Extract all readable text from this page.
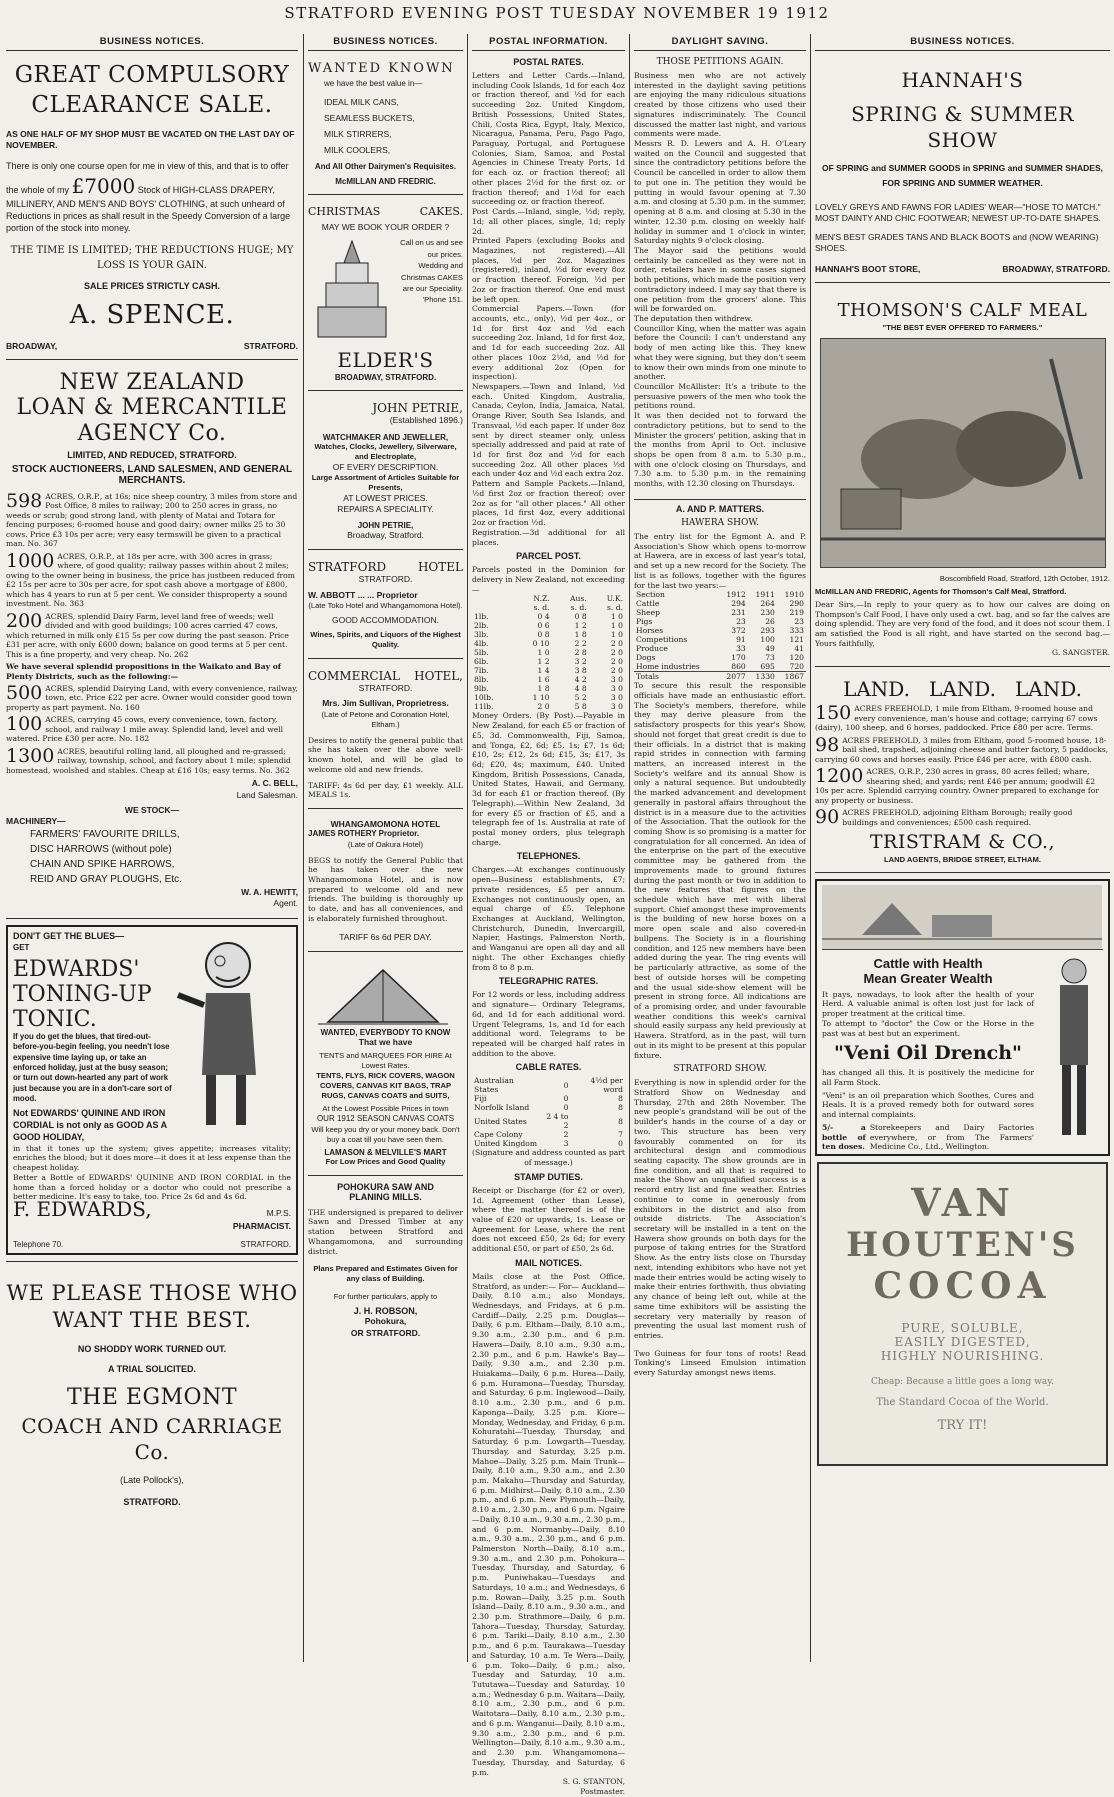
STRATFORD EVENING POST TUESDAY NOVEMBER 19 1912
BUSINESS NOTICES.
GREAT COMPULSORY
CLEARANCE SALE.
AS ONE HALF OF MY SHOP MUST BE VACATED ON THE LAST DAY OF NOVEMBER.
There is only one course open for me in view of this, and that is to offer the whole of my £7000 Stock of HIGH-CLASS DRAPERY, MILLINERY, AND MEN'S AND BOYS' CLOTHING, at such unheard of Reductions in prices as shall result in the Speedy Conversion of a large portion of the stock into money.
THE TIME IS LIMITED; THE REDUCTIONS HUGE; MY LOSS IS YOUR GAIN.
SALE PRICES STRICTLY CASH.
A. SPENCE.
BROADWAY,	STRATFORD.
NEW ZEALAND
LOAN & MERCANTILE
AGENCY Co.
LIMITED, AND REDUCED, STRATFORD.
STOCK AUCTIONEERS, LAND SALESMEN, AND GENERAL MERCHANTS.
598 ACRES, O.R.P., at 16s; nice sheep country, 3 miles from store and Post Office, 8 miles to railway; 200 to 250 acres in grass, no weeds or scrub; good strong land, with plenty of Matai and Totara for fencing purposes; 6-roomed house and good dairy; owner milks 25 to 30 cows. Price £3 10s per acre; very easy termswill be given to a practical man. No. 367
1000 ACRES, O.R.P., at 18s per acre, with 300 acres in grass; where, of good quality; railway passes within about 2 miles; owing to the owner being in business, the price has justbeen reduced from £2 15s per acre to 30s per acre, for spot cash above a mortgage of £800, which has 4 years to run at 5 per cent. We consider thisproperty a sound investment. No. 363
200 ACRES, splendid Dairy Farm, level land free of weeds; well divided and with good buildings; 100 acres carried 47 cows, which returned in milk only £15 5s per cow during the past season. Price £31 per acre, with only £600 down; balance on good terms at 5 per cent. This is a fine property, and very cheap. No. 262
We have several splendid propositions in the Waikato and Bay of Plenty Districts, such as the following:—
500 ACRES, splendid Dairying Land, with every convenience, railway, town, etc. Price £22 per acre. Owner would consider good town property as part payment. No. 160
100 ACRES, carrying 45 cows, every convenience, town, factory, school, and railway 1 mile away. Splendid land, level and well watered. Price £30 per acre. No. 182
1300 ACRES, beautiful rolling land, all ploughed and re-grassed; railway, township, school, and factory about 1 mile; splendid homestead, woolshed and stables. Cheap at £16 10s; easy terms. No. 362
A. C. BELL,
Land Salesman.
WE STOCK—
MACHINERY—
FARMERS' FAVOURITE DRILLS,
DISC HARROWS (without pole)
CHAIN AND SPIKE HARROWS,
REID AND GRAY PLOUGHS, Etc.
W. A. HEWITT,
Agent.
DON'T GET THE BLUES—
GET
EDWARDS'
TONING-UP
TONIC.
If you do get the blues, that tired-out-before-you-begin feeling, you needn't lose expensive time laying up, or take an enforced holiday, just at the busy season; or turn out down-hearted any part of work just because you are in a don't-care sort of mood.
Not EDWARDS' QUININE AND IRON CORDIAL is not only as GOOD AS A GOOD HOLIDAY,
in that it tones up the system; gives appetite; increases vitality; enriches the blood; but it does more—it does it at less expense than the cheapest holiday.
Better a Bottle of EDWARDS' QUININE AND IRON CORDIAL in the home than a forced holiday or a doctor who could not prescribe a better medicine. It's easy to take, too. Price 2s 6d and 4s 6d.
F. EDWARDS,	M.P.S.
PHARMACIST.
Telephone 70.	STRATFORD.
WE PLEASE THOSE WHO
WANT THE BEST.
NO SHODDY WORK TURNED OUT.
A TRIAL SOLICITED.
THE EGMONT
COACH AND CARRIAGE Co.
(Late Pollock's),
STRATFORD.
BUSINESS NOTICES.
WANTED KNOWN
we have the best value in—
IDEAL MILK CANS,
SEAMLESS BUCKETS,
MILK STIRRERS,
MILK COOLERS,
And All Other Dairymen's Requisites.
McMILLAN AND FREDRIC.
CHRISTMAS	CAKES.
MAY WE BOOK YOUR ORDER ?
Call on us and see our prices.
Wedding and
Christmas CAKES
are our Speciality.
'Phone 151.
ELDER'S
BROADWAY, STRATFORD.
JOHN PETRIE,
(Established 1896.)
WATCHMAKER AND JEWELLER,
Watches, Clocks, Jewellery, Silverware, and Electroplate,
OF EVERY DESCRIPTION.
Large Assortment of Articles Suitable for Presents,
AT LOWEST PRICES.
REPAIRS A SPECIALITY.
JOHN PETRIE,
Broadway, Stratford.
STRATFORD	HOTEL
STRATFORD.
W. ABBOTT ... ... Proprietor
(Late Toko Hotel and Whangamomona Hotel).
GOOD ACCOMMODATION.
Wines, Spirits, and Liquors of the Highest Quality.
COMMERCIAL HOTEL,
STRATFORD.
Mrs. Jim Sullivan, Proprietress.
(Late of Petone and Coronation Hotel, Eltham.)
Desires to notify the general public that she has taken over the above well-known hotel, and will be glad to welcome old and new friends.
TARIFF: 4s 6d per day, £1 weekly. ALL MEALS 1s.
WHANGAMOMONA HOTEL
JAMES ROTHERY Proprietor.
(Late of Oakura Hotel)
BEGS to notify the General Public that he has taken over the new Whangamomona Hotel, and is now prepared to welcome old and new friends. The building is thoroughly up to date, and has all conveniences, and is elaborately furnished throughout.
TARIFF 6s 6d PER DAY.
WANTED, EVERYBODY TO KNOW
That we have
TENTS and MARQUEES FOR HIRE At Lowest Rates.
TENTS, FLYS, RICK COVERS, WAGON COVERS, CANVAS KIT BAGS, TRAP RUGS, CANVAS COATS and SUITS,
At the Lowest Possible Prices in town
OUR 1912 SEASON CANVAS COATS
Will keep you dry or your money back. Don't buy a coat till you have seen them.
LAMASON & MELVILLE'S MART
For Low Prices and Good Quality
POHOKURA SAW AND
PLANING MILLS.
THE undersigned is prepared to deliver Sawn and Dressed Timber at any station between Stratford and Whangamomona, and surrounding district.
Plans Prepared and Estimates Given for any class of Building.
For further particulars, apply to
J. H. ROBSON,
Pohokura,
OR STRATFORD.
POSTAL INFORMATION.
POSTAL RATES.
Letters and Letter Cards.—Inland, including Cook Islands, 1d for each 4oz or fraction thereof, and ½d for each succeeding 2oz. United Kingdom, British Possessions, United States, Chili, Costa Rica, Egypt, Italy, Mexico, Nicaragua, Panama, Peru, Pago Pago, Paraguay, Portugal, and Portuguese Colonies, Siam, Samoa, and Postal Agencies in Chinese Treaty Ports, 1d for each oz. or fraction thereof; all other places 2½d for the first oz. or fraction thereof; and 1½d for each succeeding oz. or fraction thereof.
Post Cards.—Inland, single, ½d; reply, 1d; all other places, single, 1d; reply 2d.
Printed Papers (excluding Books and Magazines, not registered).—All places, ½d per 2oz. Magazines (registered), inland, ½d for every 8oz or fraction thereof. Foreign, ½d per 2oz or fraction thereof. One end must be left open.
Commercial Papers.—Town (for accounts, etc., only), ½d per 4oz., or 1d for first 4oz and ½d each succeeding 2oz. Inland, 1d for first 4oz, and 1d for each succeeding 2oz. All other places 10oz 2½d, and ½d for every additional 2oz (Open for inspection).
Newspapers.—Town and Inland, ½d each. United Kingdom, Australia, Canada, Ceylon, India, Jamaica, Natal, Orange River, South Sea Islands, and Transvaal, ½d each paper. If under 8oz sent by direct steamer only, unless specially addressed and paid at rate of 1d for first 8oz and ½d for each succeeding 2oz. All other places ½d each under 4oz and ½d each extra 2oz.
Pattern and Sample Packets.—Inland, ½d first 2oz or fraction thereof; over 2oz as for "all other places." All other places, 1d first 4oz, every additional 2oz or fraction ½d.
Registration.—3d additional for all places.
PARCEL POST.
Parcels posted in the Dominion for delivery in New Zealand, not exceeding—
	N.Z.	Aus.	U.K.
	s. d.	s. d.	s. d.
1lb.	0 4	0 8	1 0
2lb.	0 6	1 2	1 0
3lb.	0 8	1 8	1 0
4lb.	0 10	2 2	2 0
5lb.	1 0	2 8	2 0
6lb.	1 2	3 2	2 0
7lb.	1 4	3 8	2 0
8lb.	1 6	4 2	3 0
9lb.	1 8	4 8	3 0
10lb.	1 10	5 2	3 0
11lb.	2 0	5 8	3 0
Money Orders. (By Post).—Payable in New Zealand, for each £5 or fraction of £5, 3d. Commonwealth, Fiji, Samoa, and Tonga, £2, 6d; £5, 1s; £7, 1s 6d; £10, 2s; £12, 2s 6d; £15, 3s; £17, 3s 6d; £20, 4s; maximum, £40. United Kingdom, British Possessions, Canada, United States, Hawaii, and Germany, 3d for each £1 or fraction thereof. (By Telegraph).—Within New Zealand, 3d for every £5 or fraction of £5, and a telegraph fee of 1s. Australia at rate of postal money orders, plus telegraph charge.
TELEPHONES.
Charges.—At exchanges continuously open—Business establishments, £7; private residences, £5 per annum. Exchanges not continuously open, an equal charge of £5. Telephone Exchanges at Auckland, Wellington, Christchurch, Dunedin, Invercargill, Napier, Hastings, Palmerston North, and Wanganui are open all day and all night. The other Exchanges chiefly from 8 to 8 p.m.
TELEGRAPHIC RATES.
For 12 words or less, including address and signature— Ordinary Telegrams, 6d, and 1d for each additional word. Urgent Telegrams, 1s, and 1d for each additional word. Telegrams to be repeated will be charged half rates in addition to the above.
CABLE RATES.
Australian States	0	4½d per word
Fiji	0	8
Norfolk Island	0	8
United States	2 4 to 2	8
Cape Colony	2	7
United Kingdom	3	0
(Signature and address counted as part of message.)
STAMP DUTIES.
Receipt or Discharge (for £2 or over), 1d. Agreement (other than Lease), where the matter thereof is of the value of £20 or upwards, 1s. Lease or Agreement for Lease, where the rent does not exceed £50, 2s 6d; for every additional £50, or part of £50, 2s 6d.
MAIL NOTICES.
Mails close at the Post Office, Stratford, as under:— For— Auckland—Daily, 8.10 a.m.; also Mondays, Wednesdays, and Fridays, at 6 p.m. Cardiff—Daily, 2.25 p.m. Douglas—Daily, 6 p.m. Eltham—Daily, 8.10 a.m., 9.30 a.m., 2.30 p.m., and 6 p.m. Hawera—Daily, 8.10 a.m., 9.30 a.m., 2.30 p.m., and 6 p.m. Hawke's Bay—Daily, 9.30 a.m., and 2.30 p.m. Huiakama—Daily, 6 p.m. Hurea—Daily, 6 p.m. Huramona—Tuesday, Thursday, and Saturday, 6 p.m. Inglewood—Daily, 8.10 a.m., 2.30 p.m., and 6 p.m. Kaponga—Daily, 3.25 p.m. Kiore—Monday, Wednesday, and Friday, 6 p.m. Kohuratahi—Tuesday, Thursday, and Saturday, 6 p.m. Lowgarth—Tuesday, Thursday, and Saturday, 3.25 p.m. Mahoe—Daily, 3.25 p.m. Main Trunk—Daily, 8.10 a.m., 9.30 a.m., and 2.30 p.m. Makahu—Thursday and Saturday, 6 p.m. Midhirst—Daily, 8.10 a.m., 2.30 p.m., and 6 p.m. New Plymouth—Daily, 8.10 a.m., 2.30 p.m., and 6 p.m. Ngaire—Daily, 8.10 a.m., 9.30 a.m., 2.30 p.m., and 6 p.m. Normanby—Daily, 8.10 a.m., 9.30 a.m., 2.30 p.m., and 6 p.m. Palmerston North—Daily, 8.10 a.m., 9.30 a.m., and 2.30 p.m. Pohokura—Tuesday, Thursday, and Saturday, 6 p.m. Puniwhakau—Tuesdays and Saturdays, 10 a.m.; and Wednesdays, 6 p.m. Rowan—Daily, 3.25 p.m. South Island—Daily, 8.10 a.m., 9.30 a.m., and 2.30 p.m. Strathmore—Daily, 6 p.m. Tahora—Tuesday, Thursday, Saturday, 6 p.m. Tariki—Daily, 8.10 a.m., 2.30 p.m., and 6 p.m. Taurakawa—Tuesday and Saturday, 10 a.m. Te Wera—Daily, 6 p.m. Toko—Daily, 6 p.m.; also, Tuesday and Saturday, 10 a.m. Tututawa—Tuesday and Saturday, 10 a.m.; Wednesday 6 p.m. Waitara—Daily, 8.10 a.m., 2.30 p.m., and 6 p.m. Waitotara—Daily, 8.10 a.m., 2.30 p.m., and 6 p.m. Wanganui—Daily, 8.10 a.m., 9.30 a.m., 2.30 p.m., and 6 p.m. Wellington—Daily, 8.10 a.m., 9.30 a.m., and 2.30 p.m. Whangamomona—Tuesday, Thursday, and Saturday, 6 p.m.
S. G. STANTON,
Postmaster.
DAYLIGHT SAVING.
THOSE PETITIONS AGAIN.
Business men who are not actively interested in the daylight saving petitions are enjoying the many ridiculous situations created by those citizens who used their signatures indiscriminately. The Council discussed the matter last night, and various comments were made.
Messrs R. D. Lewers and A. H. O'Leary waited on the Council and suggested that since the contradictory petitions before the Council be cancelled in order to allow them to put one in. The petition they would be putting in would favour opening at 7.30 a.m. and closing at 5.30 p.m. in the summer, opening at 8 a.m. and closing at 5.30 in the winter, 12.30 p.m. closing on weekly half-holiday in summer and 1 o'clock in winter, Saturday nights 9 o'clock closing.
The Mayor said the petitions would certainly be cancelled as they were not in order, retailers have in some cases signed both petitions, which made the position very contradictory indeed. I may say that there is one petition from the grocers' alone. This will be forwarded on.
The deputation then withdrew.
Councillor King, when the matter was again before the Council: I can't understand any body of men acting like this. They knew what they were signing, but they don't seem to know their own minds from one minute to another.
Councillor McAllister: It's a tribute to the persuasive powers of the men who took the petitions round.
It was then decided not to forward the contradictory petitions, but to send to the Minister the grocers' petition, asking that in the months from April to Oct. inclusive shops be open from 8 a.m. to 5.30 p.m., with one o'clock closing on Thursdays, and 7.30 a.m. to 5.30 p.m. in the remaining months, with 12.30 closing on Thursdays.
A. AND P. MATTERS.
HAWERA SHOW.
The entry list for the Egmont A. and P. Association's Show which opens to-morrow at Hawera, are in excess of last year's total, and set up a new record for the Society. The list is as follows, together with the figures for the last two years:—
Section	1912	1911	1910
Cattle	294	264	290
Sheep	231	230	219
Pigs	23	26	23
Horses	372	293	333
Competitions	91	100	121
Produce	33	49	41
Dogs	170	73	120
Home industries	860	695	720
Totals	2077	1330	1867
To secure this result the responsible officials have made an enthusiastic effort. The Society's members, therefore, while they may derive pleasure from the satisfactory prospects for this year's Show, should not forget that great credit is due to their officials. In a district that is making rapid strides in connection with farming matters, an increased interest in the Society's welfare and its annual Show is only a natural sequence. But undoubtedly the marked advancement and development generally in pastoral affairs throughout the district is in a measure due to the activities of the Association. That the outlook for the coming Show is so promising is a matter for congratulation for all concerned. An idea of the enterprise on the part of the executive committee may be gathered from the improvements made to ground fixtures during the past month or two in addition to the new features that figures on the schedule which have met with liberal support. Chief amongst these improvements is the building of new horse boxes on a more open scale and also covered-in bullpens. The Society is in a flourishing condition, and 125 new members have been added during the year. The ring events will be particularly attractive, as some of the best of outside horses will be competing and the usual side-show element will be present in strong force. All indications are of a promising order, and under favourable weather conditions this week's carnival should easily surpass any held previously at Hawera. Stratford, as in the past, will turn out in its might to be present at this popular fixture.
STRATFORD SHOW.
Everything is now in splendid order for the Stratford Show on Wednesday and Thursday, 27th and 28th November. The new people's grandstand will be out of the builder's hands in the course of a day or two. This structure has been very favourably commented on for its architectural design and commodious seating capacity. The show grounds are in fine condition, and all that is required to make the Show an unqualified success is a record entry list and fine weather. Entries continue to come in generously from exhibitors in the district and also from outside districts. The Association's secretary will be installed in a tent on the Hawera show grounds on both days for the purpose of taking entries for the Stratford Show. As the entry lists close on Thursday next, intending exhibitors who have not yet made their entries would be acting wisely to make their entries forthwith, thus obviating any chance of being left out, while at the same time exhibitors will be assisting the secretary very materially by reason of preventing the usual last moment rush of entries.
Two Guineas for four tons of roots! Read Tonking's Linseed Emulsion intimation every Saturday amongst news items.
BUSINESS NOTICES.
HANNAH'S
SPRING & SUMMER SHOW
OF SPRING and SUMMER GOODS in SPRING and SUMMER SHADES, FOR SPRING AND SUMMER WEATHER.
LOVELY GREYS AND FAWNS FOR LADIES' WEAR—"HOSE TO MATCH." MOST DAINTY AND CHIC FOOTWEAR; NEWEST UP-TO-DATE SHAPES.
MEN'S BEST GRADES TANS AND BLACK BOOTS and (NOW WEARING) SHOES.
HANNAH'S BOOT STORE,	BROADWAY, STRATFORD.
THOMSON'S CALF MEAL
"THE BEST EVER OFFERED TO FARMERS."
Boscombfield Road, Stratford, 12th October, 1912.
McMILLAN AND FREDRIC, Agents for Thomson's Calf Meal, Stratford.
Dear Sirs,—In reply to your query as to how our calves are doing on Thompson's Calf Food, I have only used a cwt. bag, and so far the calves are doing splendid. They are very fond of the food, and it does not scour them. I am satisfied the Food is all right, and have started on the second bag.—Yours faithfully,
G. SANGSTER.
LAND.   LAND.   LAND.
150 ACRES FREEHOLD, 1 mile from Eltham, 9-roomed house and every convenience, man's house and cottage; carrying 67 cows (dairy), 100 sheep, and 6 horses, paddocked. Price £80 per acre. Terms.
98 ACRES FREEHOLD, 3 miles from Eltham, good 5-roomed house, 18-bail shed, trapshed, adjoining cheese and butter factory, 5 paddocks, carrying 60 cows and horses easily. Price £46 per acre, with £800 cash.
1200 ACRES, O.R.P., 230 acres in grass, 80 acres felled; whare, shearing shed, and yards; rent £46 per annum; goodwill £2 10s per acre. Splendid carrying country. Owner prepared to exchange for any property or business.
90 ACRES FREEHOLD, adjoining Eltham Borough; really good buildings and conveniences; £500 cash required.
TRISTRAM & CO.,
LAND AGENTS, BRIDGE STREET, ELTHAM.
Cattle with Health
Mean Greater Wealth
It pays, nowadays, to look after the health of your Herd. A valuable animal is often lost just for lack of proper treatment at the critical time.
To attempt to "doctor" the Cow or the Horse in the past was at best but an experiment.
"Veni Oil Drench"
has changed all this. It is positively the medicine for all Farm Stock.
"Veni" is an oil preparation which Soothes, Cures and Heals. It is a proved remedy both for outward sores and internal complaints.
5/- a bottle of ten doses.
Storekeepers and Dairy Factories everywhere, or from The Farmers' Medicine Co., Ltd., Wellington.
VAN
HOUTEN'S
COCOA
PURE, SOLUBLE,
EASILY DIGESTED,
HIGHLY NOURISHING.
Cheap: Because a little goes a long way.
The Standard Cocoa of the World.
TRY IT!
